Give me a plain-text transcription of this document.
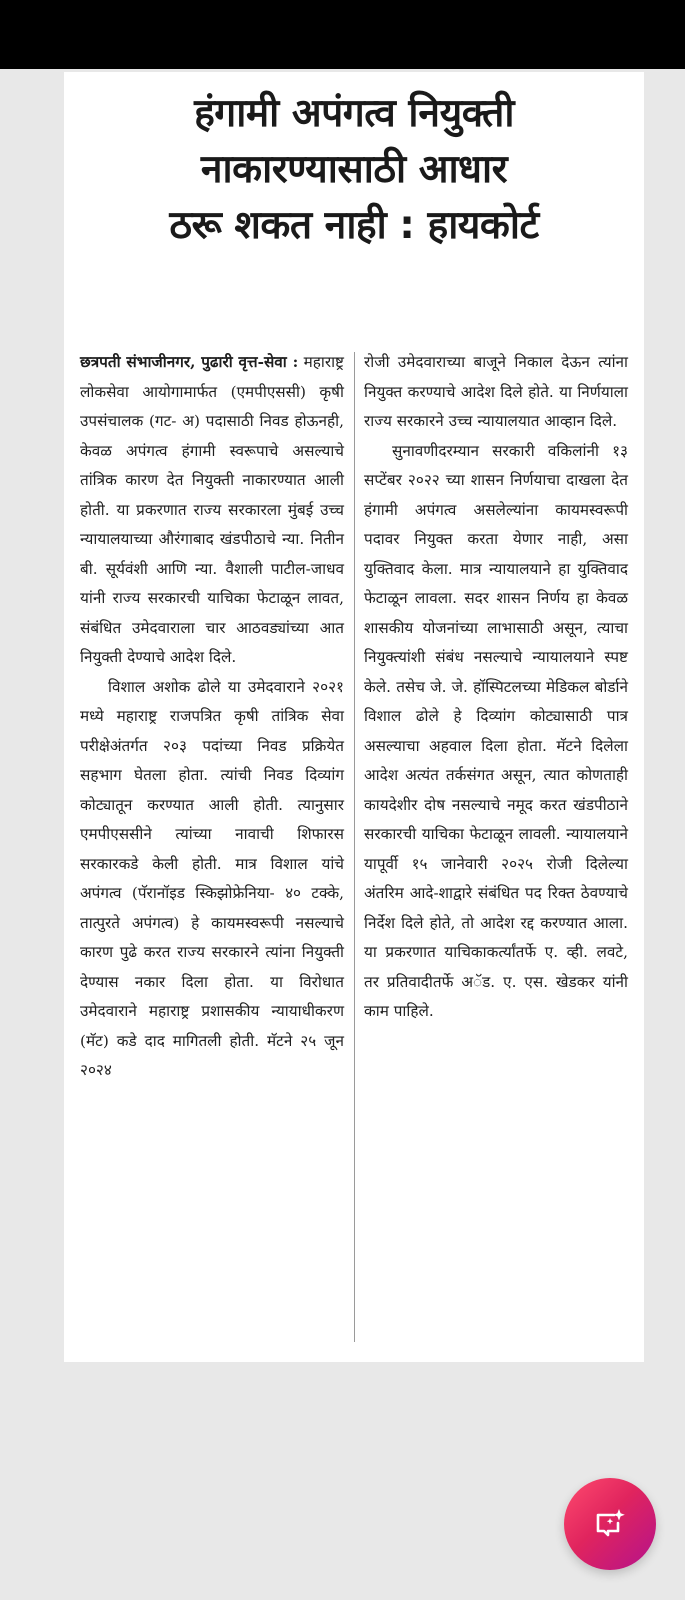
हंगामी अपंगत्व नियुक्ती
नाकारण्यासाठी आधार
ठरू शकत नाही : हायकोर्ट

छत्रपती संभाजीनगर, पुढारी वृत्त-सेवा : महाराष्ट्र लोकसेवा आयोगामार्फत (एमपीएससी) कृषी उपसंचालक (गट- अ) पदासाठी निवड होऊनही, केवळ अपंगत्व हंगामी स्वरूपाचे असल्याचे तांत्रिक कारण देत नियुक्ती नाकारण्यात आली होती. या प्रकरणात राज्य सरकारला मुंबई उच्च न्यायालयाच्या औरंगाबाद खंडपीठाचे न्या. नितीन बी. सूर्यवंशी आणि न्या. वैशाली पाटील-जाधव यांनी राज्य सरकारची याचिका फेटाळून लावत, संबंधित उमेदवाराला चार आठवड्यांच्या आत नियुक्ती देण्याचे आदेश दिले.

विशाल अशोक ढोले या उमेदवाराने २०२१ मध्ये महाराष्ट्र राजपत्रित कृषी तांत्रिक सेवा परीक्षेअंतर्गत २०३ पदांच्या निवड प्रक्रियेत सहभाग घेतला होता. त्यांची निवड दिव्यांग कोट्यातून करण्यात आली होती. त्यानुसार एमपीएससीने त्यांच्या नावाची शिफारस सरकारकडे केली होती. मात्र विशाल यांचे अपंगत्व (पॅरानॉइड स्किझोफ्रेनिया- ४० टक्के, तात्पुरते अपंगत्व) हे कायमस्वरूपी नसल्याचे कारण पुढे करत राज्य सरकारने त्यांना नियुक्ती देण्यास नकार दिला होता. या विरोधात उमेदवाराने महाराष्ट्र प्रशासकीय न्यायाधीकरण (मॅट) कडे दाद मागितली होती. मॅटने २५ जून २०२४

रोजी उमेदवाराच्या बाजूने निकाल देऊन त्यांना नियुक्त करण्याचे आदेश दिले होते. या निर्णयाला राज्य सरकारने उच्च न्यायालयात आव्हान दिले.

सुनावणीदरम्यान सरकारी वकिलांनी १३ सप्टेंबर २०२२ च्या शासन निर्णयाचा दाखला देत हंगामी अपंगत्व असलेल्यांना कायमस्वरूपी पदावर नियुक्त करता येणार नाही, असा युक्तिवाद केला. मात्र न्यायालयाने हा युक्तिवाद फेटाळून लावला. सदर शासन निर्णय हा केवळ शासकीय योजनांच्या लाभासाठी असून, त्याचा नियुक्त्यांशी संबंध नसल्याचे न्यायालयाने स्पष्ट केले. तसेच जे. जे. हॉस्पिटलच्या मेडिकल बोर्डाने विशाल ढोले हे दिव्यांग कोट्यासाठी पात्र असल्याचा अहवाल दिला होता. मॅटने दिलेला आदेश अत्यंत तर्कसंगत असून, त्यात कोणताही कायदेशीर दोष नसल्याचे नमूद करत खंडपीठाने सरकारची याचिका फेटाळून लावली. न्यायालयाने यापूर्वी १५ जानेवारी २०२५ रोजी दिलेल्या अंतरिम आदे-शाद्वारे संबंधित पद रिक्त ठेवण्याचे निर्देश दिले होते, तो आदेश रद्द करण्यात आला. या प्रकरणात याचिकाकर्त्यांतर्फे ए. व्ही. लवटे, तर प्रतिवादीतर्फे अॅड. ए. एस. खेडकर यांनी काम पाहिले.
